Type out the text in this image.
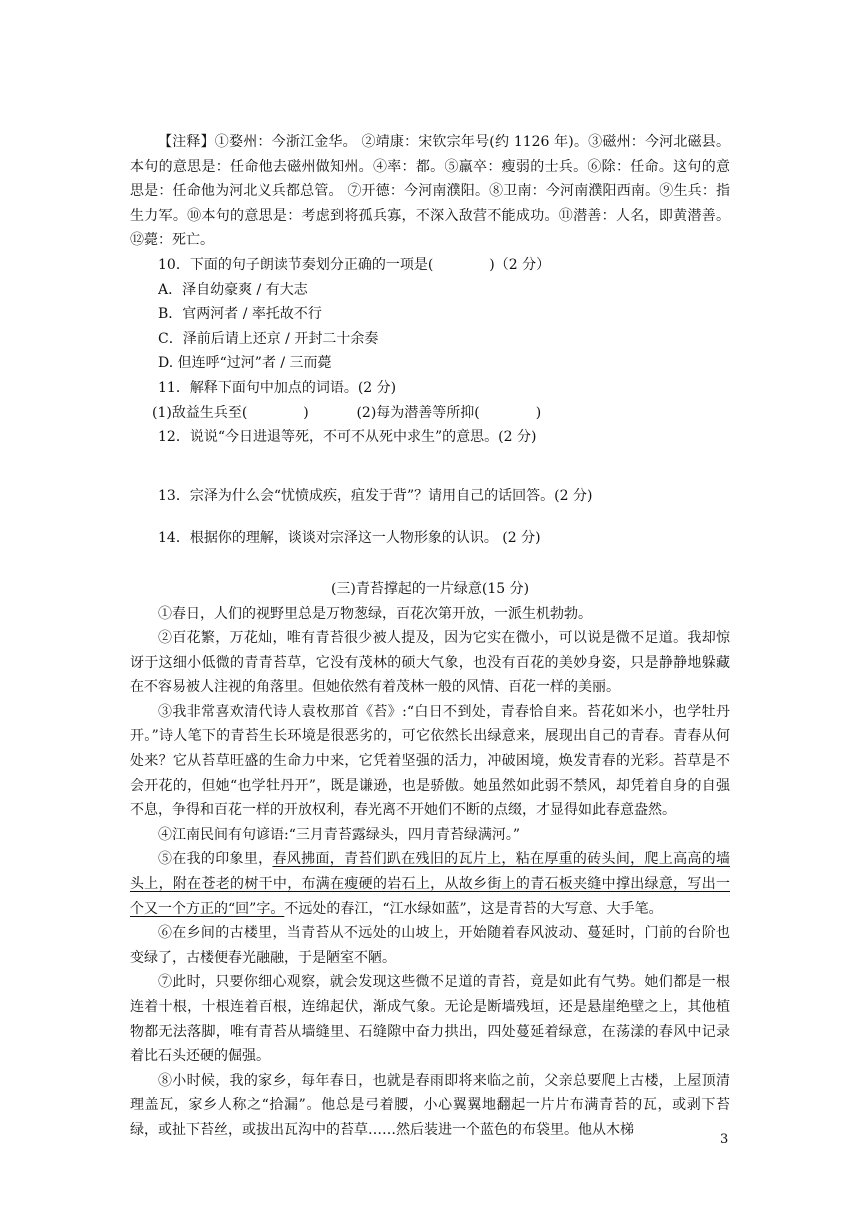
【注释】①婺州：今浙江金华。 ②靖康：宋钦宗年号(约 1126 年)。③磁州：今河北磁县。本句的意思是：任命他去磁州做知州。④率：都。⑤羸卒：瘦弱的士兵。⑥除：任命。这句的意思是：任命他为河北义兵都总管。 ⑦开德：今河南濮阳。⑧卫南：今河南濮阳西南。⑨生兵：指生力军。⑩本句的意思是：考虑到将孤兵寡，不深入敌营不能成功。⑪潜善：人名，即黄潜善。⑫薨：死亡。

10．下面的句子朗读节奏划分正确的一项是(　　　　)（2 分）

A．泽自幼豪爽 / 有大志

B．官两河者 / 率托故不行

C．泽前后请上还京 / 开封二十余奏

D. 但连呼“过河”者 / 三而薨

11．解释下面句中加点的词语。(2 分)

(1)敌益生兵至(　　　　)	(2)每为潜善等所抑(　　　　)

12．说说“今日进退等死，不可不从死中求生”的意思。(2 分)

13．宗泽为什么会“忧愤成疾，疽发于背”？请用自己的话回答。(2 分)

14．根据你的理解，谈谈对宗泽这一人物形象的认识。 (2 分)

(三)青苔撑起的一片绿意(15 分)

①春日，人们的视野里总是万物葱绿，百花次第开放，一派生机勃勃。

②百花繁，万花灿，唯有青苔很少被人提及，因为它实在微小，可以说是微不足道。我却惊讶于这细小低微的青青苔草，它没有茂林的硕大气象，也没有百花的美妙身姿，只是静静地躲藏在不容易被人注视的角落里。但她依然有着茂林一般的风情、百花一样的美丽。

③我非常喜欢清代诗人袁枚那首《苔》:“白日不到处，青春恰自来。苔花如米小，也学牡丹开。”诗人笔下的青苔生长环境是很恶劣的，可它依然长出绿意来，展现出自己的青春。青春从何处来？它从苔草旺盛的生命力中来，它凭着坚强的活力，冲破困境，焕发青春的光彩。苔草是不会开花的，但她“也学牡丹开”，既是谦逊，也是骄傲。她虽然如此弱不禁风，却凭着自身的自强不息，争得和百花一样的开放权利，春光离不开她们不断的点缀，才显得如此春意盎然。

④江南民间有句谚语:“三月青苔露绿头，四月青苔绿满河。”

⑤在我的印象里，春风拂面，青苔们趴在残旧的瓦片上，粘在厚重的砖头间，爬上高高的墙头上，附在苍老的树干中，布满在瘦硬的岩石上，从故乡街上的青石板夹缝中撑出绿意，写出一个又一个方正的“回”字。不远处的春江，“江水绿如蓝”，这是青苔的大写意、大手笔。

⑥在乡间的古楼里，当青苔从不远处的山坡上，开始随着春风波动、蔓延时，门前的台阶也变绿了，古楼便春光融融，于是陋室不陋。

⑦此时，只要你细心观察，就会发现这些微不足道的青苔，竟是如此有气势。她们都是一根连着十根，十根连着百根，连绵起伏，渐成气象。无论是断墙残垣，还是悬崖绝壁之上，其他植物都无法落脚，唯有青苔从墙缝里、石缝隙中奋力拱出，四处蔓延着绿意，在荡漾的春风中记录着比石头还硬的倔强。

⑧小时候，我的家乡，每年春日，也就是春雨即将来临之前，父亲总要爬上古楼，上屋顶清理盖瓦，家乡人称之“拾漏”。他总是弓着腰，小心翼翼地翻起一片片布满青苔的瓦，或剥下苔绿，或扯下苔丝，或拔出瓦沟中的苔草……然后装进一个蓝色的布袋里。他从木梯

3
